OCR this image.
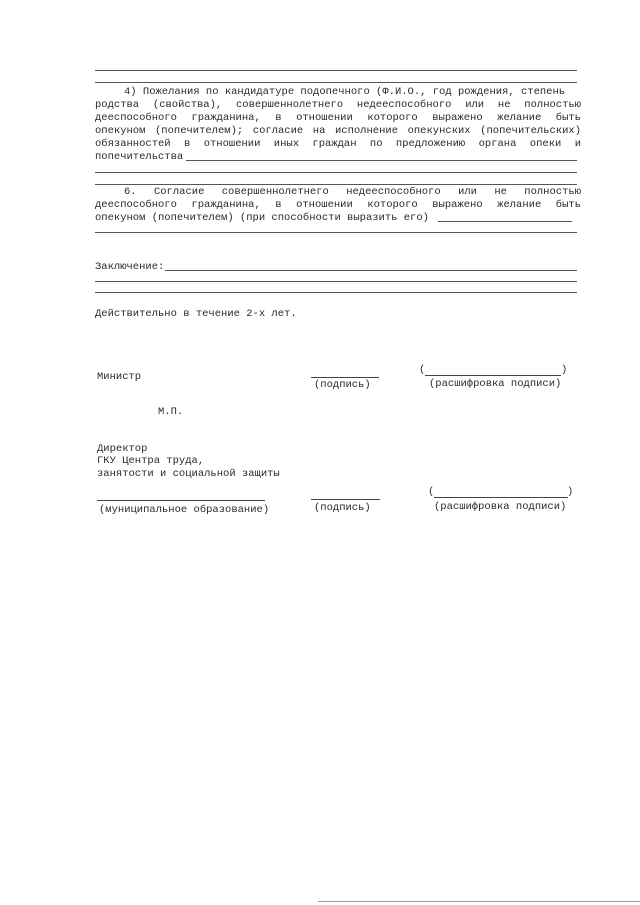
4) Пожелания по кандидатуре подопечного (Ф.И.О., год рождения, степень
родства (свойства), совершеннолетнего недееспособного или не полностью
дееспособного гражданина, в отношении которого выражено желание быть
опекуном (попечителем); согласие на исполнение опекунских (попечительских)
обязанностей в отношении иных граждан по предложению органа опеки и
попечительства
6. Согласие совершеннолетнего недееспособного или не полностью
дееспособного гражданина, в отношении которого выражено желание быть
опекуном (попечителем) (при способности выразить его)
Заключение:
Действительно в течение 2-х лет.
Министр
(подпись)
(	)
(расшифровка подписи)
М.П.
Директор
ГКУ Центра труда,
занятости и социальной защиты
(муниципальное образование)	(подпись)
(	)
(расшифровка подписи)
